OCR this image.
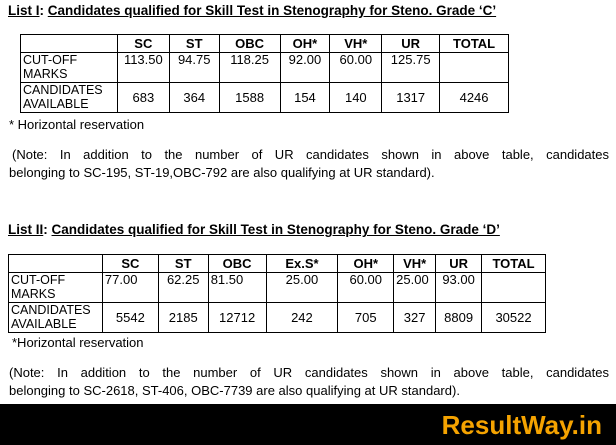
List I: Candidates qualified for Skill Test in Stenography for Steno. Grade ‘C’
	SC	ST	OBC	OH*	VH*	UR	TOTAL
CUT-OFF MARKS	113.50	94.75	118.25	92.00	60.00	125.75	
CANDIDATES AVAILABLE	683	364	1588	154	140	1317	4246
* Horizontal reservation
(Note: In addition to the number of UR candidates shown in above table, candidates
belonging to SC-195, ST-19,OBC-792 are also qualifying at UR standard).
List II: Candidates qualified for Skill Test in Stenography for Steno. Grade ‘D’
	SC	ST	OBC	Ex.S*	OH*	VH*	UR	TOTAL
CUT-OFF MARKS	77.00	62.25	81.50	25.00	60.00	25.00	93.00	
CANDIDATES AVAILABLE	5542	2185	12712	242	705	327	8809	30522
*Horizontal reservation
(Note: In addition to the number of UR candidates shown in above table, candidates
belonging to SC-2618, ST-406, OBC-7739 are also qualifying at UR standard).
ResultWay.in
